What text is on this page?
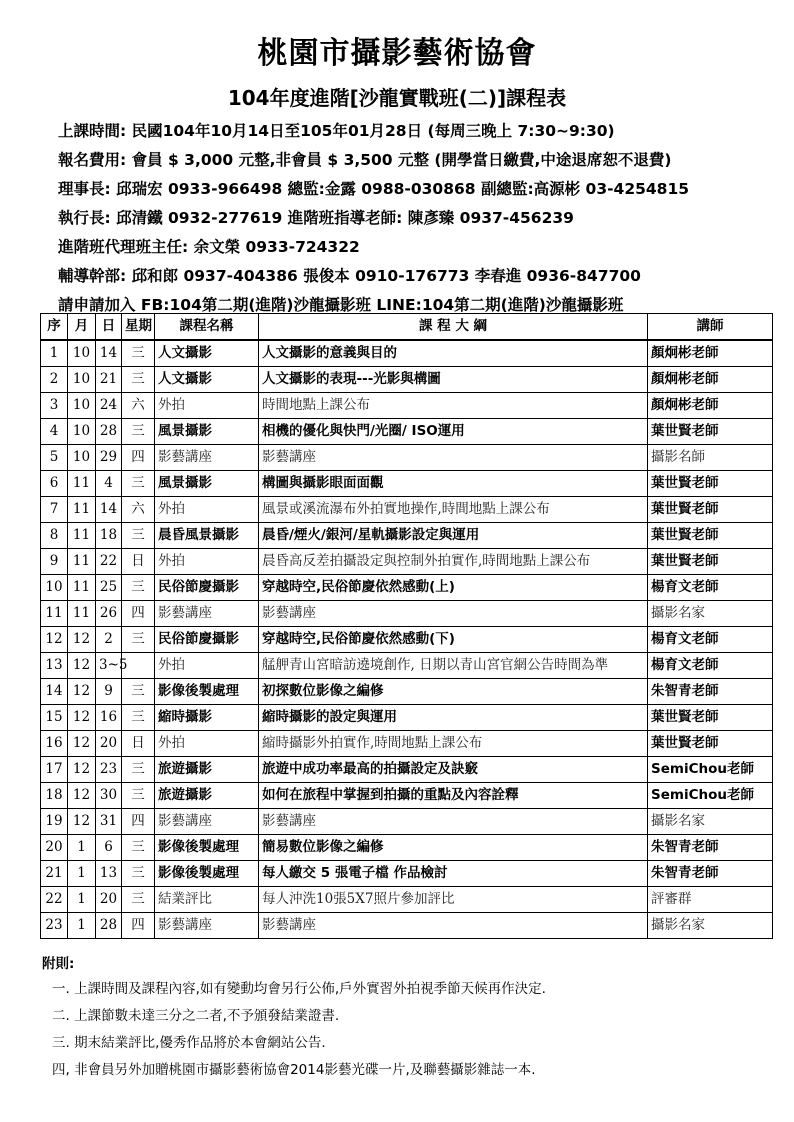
桃園市攝影藝術協會
104年度進階[沙龍實戰班(二)]課程表
上課時間: 民國104年10月14日至105年01月28日 (每周三晚上 7:30~9:30)
報名費用: 會員 $ 3,000 元整,非會員 $ 3,500 元整 (開學當日繳費,中途退席恕不退費)
理事長: 邱瑞宏 0933-966498 總監:金露 0988-030868 副總監:高源彬 03-4254815
執行長: 邱清鐵 0932-277619 進階班指導老師: 陳彥臻 0937-456239
進階班代理班主任: 余文榮 0933-724322
輔導幹部: 邱和郎 0937-404386 張俊本 0910-176773 李春進 0936-847700
請申請加入 FB:104第二期(進階)沙龍攝影班 LINE:104第二期(進階)沙龍攝影班
序	月	日	星期	課程名稱	課 程 大 綱	講師
1	10	14	三	人文攝影	人文攝影的意義與目的	顏炯彬老師
2	10	21	三	人文攝影	人文攝影的表現---光影與構圖	顏炯彬老師
3	10	24	六	外拍	時間地點上課公布	顏炯彬老師
4	10	28	三	風景攝影	相機的優化與快門/光圈/ ISO運用	葉世賢老師
5	10	29	四	影藝講座	影藝講座	攝影名師
6	11	4	三	風景攝影	構圖與攝影眼面面觀	葉世賢老師
7	11	14	六	外拍	風景或溪流瀑布外拍實地操作,時間地點上課公布	葉世賢老師
8	11	18	三	晨昏風景攝影	晨昏/煙火/銀河/星軌攝影設定與運用	葉世賢老師
9	11	22	日	外拍	晨昏高反差拍攝設定與控制外拍實作,時間地點上課公布	葉世賢老師
10	11	25	三	民俗節慶攝影	穿越時空,民俗節慶依然感動(上)	楊育文老師
11	11	26	四	影藝講座	影藝講座	攝影名家
12	12	2	三	民俗節慶攝影	穿越時空,民俗節慶依然感動(下)	楊育文老師
13	12	3~5		外拍	艋舺青山宮暗訪遶境創作, 日期以青山宮官網公告時間為準	楊育文老師
14	12	9	三	影像後製處理	初探數位影像之編修	朱智青老師
15	12	16	三	縮時攝影	縮時攝影的設定與運用	葉世賢老師
16	12	20	日	外拍	縮時攝影外拍實作,時間地點上課公布	葉世賢老師
17	12	23	三	旅遊攝影	旅遊中成功率最高的拍攝設定及訣竅	SemiChou老師
18	12	30	三	旅遊攝影	如何在旅程中掌握到拍攝的重點及內容詮釋	SemiChou老師
19	12	31	四	影藝講座	影藝講座	攝影名家
20	1	6	三	影像後製處理	簡易數位影像之編修	朱智青老師
21	1	13	三	影像後製處理	每人繳交 5 張電子檔 作品檢討	朱智青老師
22	1	20	三	結業評比	每人沖洗10張5X7照片參加評比	評審群
23	1	28	四	影藝講座	影藝講座	攝影名家
附則:
一. 上課時間及課程內容,如有變動均會另行公佈,戶外實習外拍視季節天候再作決定.
二. 上課節數未達三分之二者,不予頒發結業證書.
三. 期末結業評比,優秀作品將於本會網站公告.
四, 非會員另外加贈桃園市攝影藝術協會2014影藝光碟一片,及聯藝攝影雜誌一本.
